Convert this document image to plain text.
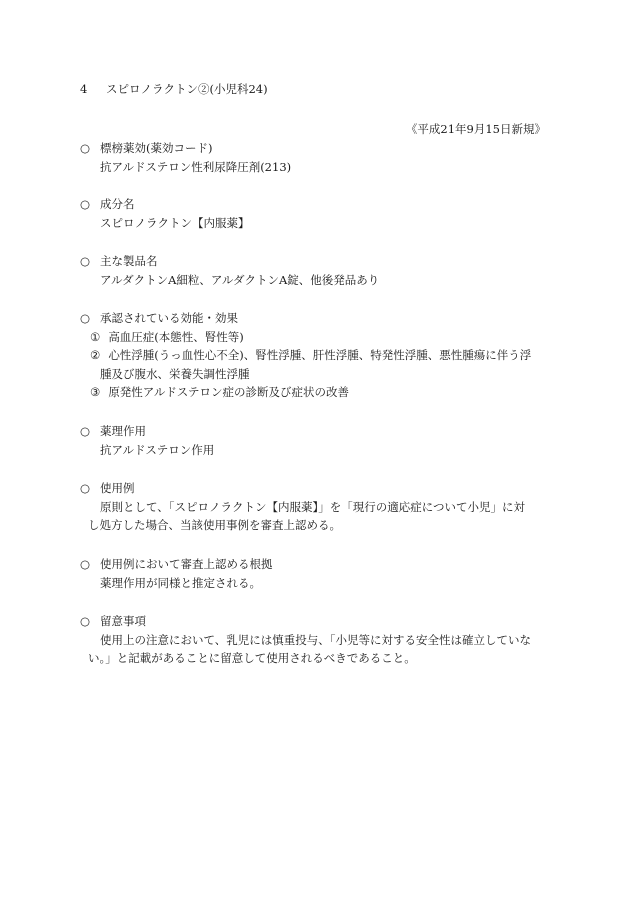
4 スピロノラクトン②(小児科24)
《平成21年9月15日新規》
○ 標榜薬効(薬効コード)
抗アルドステロン性利尿降圧剤(213)
○ 成分名
スピロノラクトン【内服薬】
○ 主な製品名
アルダクトンA細粒、アルダクトンA錠、他後発品あり
○ 承認されている効能・効果
① 高血圧症(本態性、腎性等)
② 心性浮腫(うっ血性心不全)、腎性浮腫、肝性浮腫、特発性浮腫、悪性腫瘍に伴う浮
腫及び腹水、栄養失調性浮腫
③ 原発性アルドステロン症の診断及び症状の改善
○ 薬理作用
抗アルドステロン作用
○ 使用例
原則として、「スピロノラクトン【内服薬】」を「現行の適応症について小児」に対
し処方した場合、当該使用事例を審査上認める。
○ 使用例において審査上認める根拠
薬理作用が同様と推定される。
○ 留意事項
使用上の注意において、乳児には慎重投与、「小児等に対する安全性は確立していな
い。」と記載があることに留意して使用されるべきであること。
